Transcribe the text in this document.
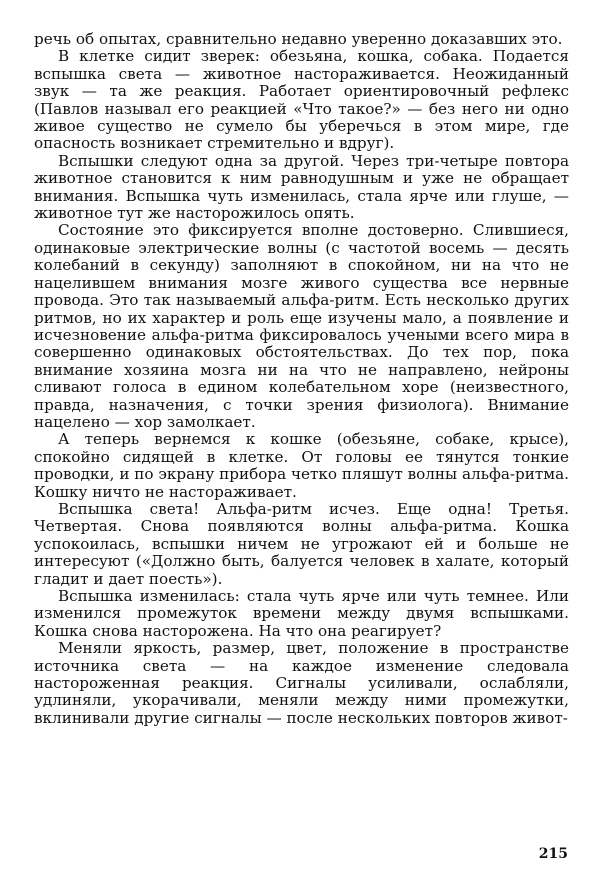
речь об опытах, сравнительно недавно уверенно доказавших это.

В клетке сидит зверек: обезьяна, кошка, собака. Подается вспышка света — животное настораживается. Неожиданный звук — та же реакция. Работает ориентировочный рефлекс (Павлов называл его реакцией «Что такое?» — без него ни одно живое существо не сумело бы уберечься в этом мире, где опасность возникает стремительно и вдруг).

Вспышки следуют одна за другой. Через три-четыре повтора животное становится к ним равнодушным и уже не обращает внимания. Вспышка чуть изменилась, стала ярче или глуше, — животное тут же насторожилось опять.

Состояние это фиксируется вполне достоверно. Слившиеся, одинаковые электрические волны (с частотой восемь — десять колебаний в секунду) заполняют в спокойном, ни на что не нацелившем внимания мозге живого существа все нервные провода. Это так называемый альфа-ритм. Есть несколько других ритмов, но их характер и роль еще изучены мало, а появление и исчезновение альфа-ритма фиксировалось учеными всего мира в совершенно одинаковых обстоятельствах. До тех пор, пока внимание хозяина мозга ни на что не направлено, нейроны сливают голоса в едином колебательном хоре (неизвестного, правда, назначения, с точки зрения физиолога). Внимание нацелено — хор замолкает.

А теперь вернемся к кошке (обезьяне, собаке, крысе), спокойно сидящей в клетке. От головы ее тянутся тонкие проводки, и по экрану прибора четко пляшут волны альфа-ритма. Кошку ничто не настораживает.

Вспышка света! Альфа-ритм исчез. Еще одна! Третья. Четвертая. Снова появляются волны альфа-ритма. Кошка успокоилась, вспышки ничем не угрожают ей и больше не интересуют («Должно быть, балуется человек в халате, который гладит и дает поесть»).

Вспышка изменилась: стала чуть ярче или чуть темнее. Или изменился промежуток времени между двумя вспышками. Кошка снова насторожена. На что она реагирует?

Меняли яркость, размер, цвет, положение в пространстве источника света — на каждое изменение следовала настороженная реакция. Сигналы усиливали, ослабляли, удлиняли, укорачивали, меняли между ними промежутки, вклинивали другие сигналы — после нескольких повторов живот-

215
